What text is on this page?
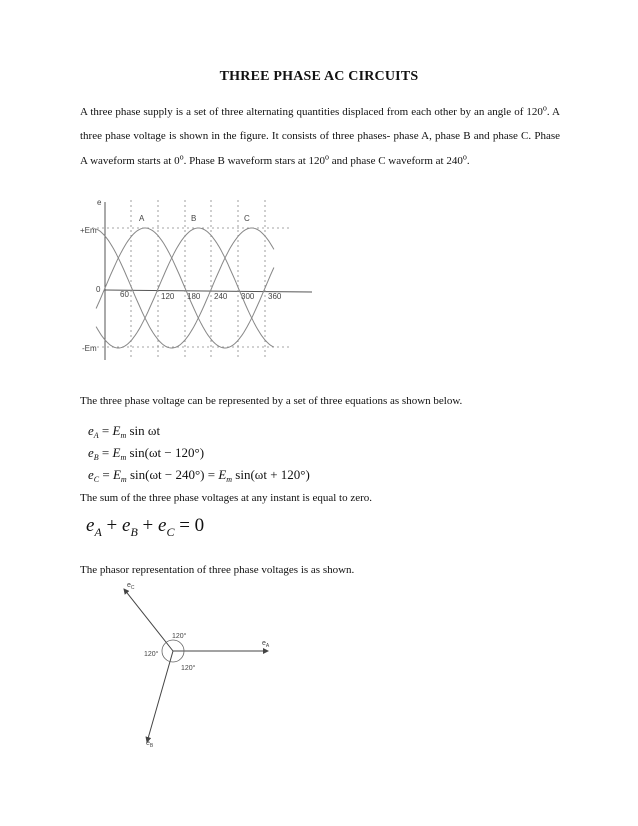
THREE PHASE AC CIRCUITS
A three phase supply is a set of three alternating quantities displaced from each other by an angle of 120$^o$. A three phase voltage is shown in the figure. It consists of three phases- phase A, phase B and phase C. Phase A waveform starts at 0$^o$. Phase B waveform stars at 120$^o$ and phase C waveform at 240$^o$.
e
+Em
0
-Em
A	B	C
60	120 180 240 300 360
The three phase voltage can be represented by a set of three equations as shown below.
$e_A = E_m$ sin ωt
$e_B = E_m$ sin(ωt − 120°)
$e_C = E_m$ $\sin(\omega t - 240^\circ) = E_m$ sin(ωt + 120°)
The sum of the three phase voltages at any instant is equal to zero.
$e_A + e_B + e_C = 0$
The phasor representation of three phase voltages is as shown.
$e_C$
$e_A$
$e_B$
120°
120°
120°
